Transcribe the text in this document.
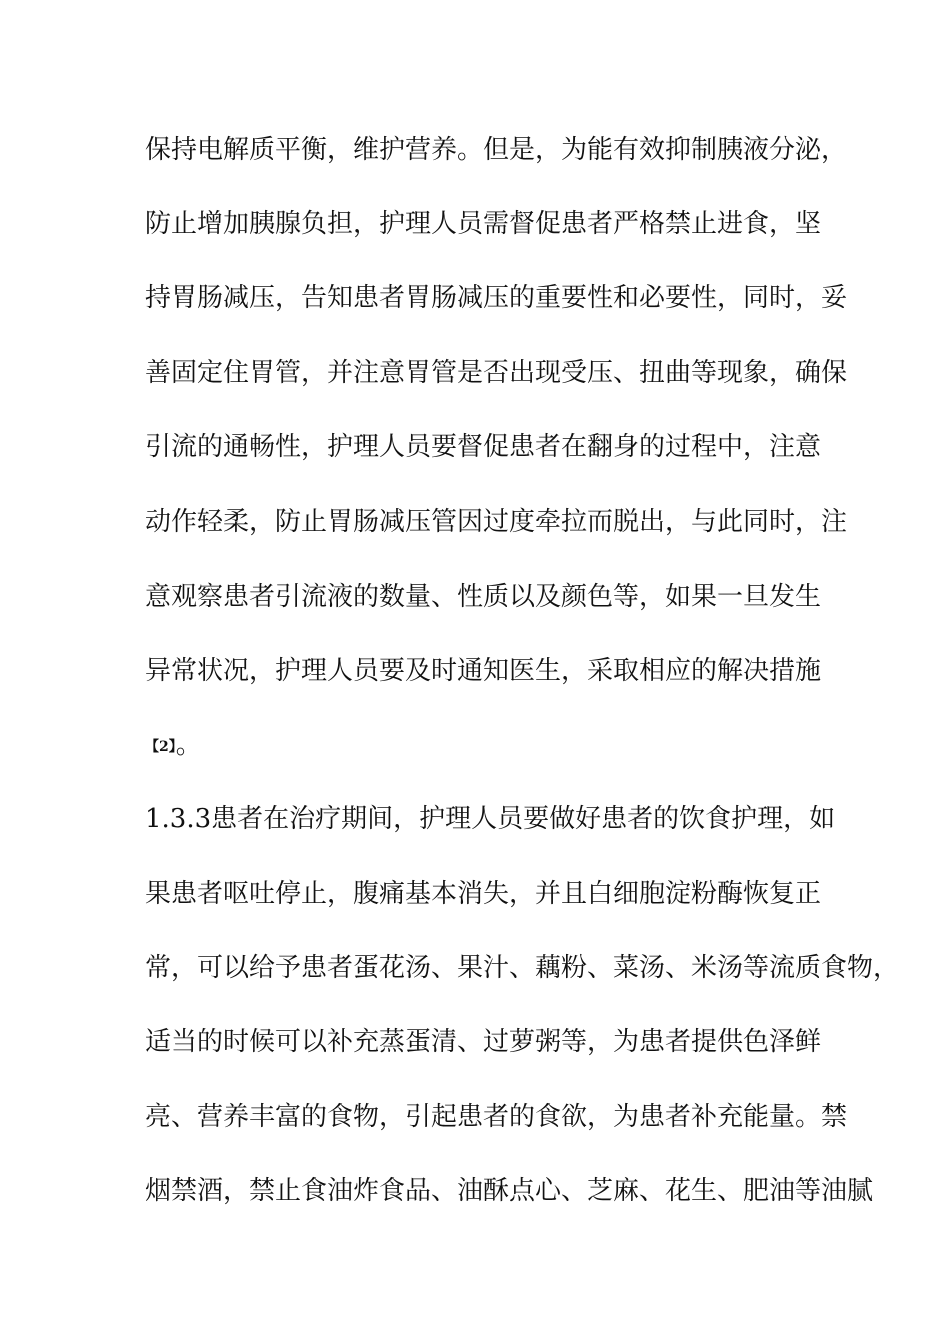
保持电解质平衡，维护营养。但是，为能有效抑制胰液分泌，
防止增加胰腺负担，护理人员需督促患者严格禁止进食，坚
持胃肠减压，告知患者胃肠减压的重要性和必要性，同时，妥
善固定住胃管，并注意胃管是否出现受压、扭曲等现象，确保
引流的通畅性，护理人员要督促患者在翻身的过程中，注意
动作轻柔，防止胃肠减压管因过度牵拉而脱出，与此同时，注
意观察患者引流液的数量、性质以及颜色等，如果一旦发生
异常状况，护理人员要及时通知医生，采取相应的解决措施
【2】。
1.3.3患者在治疗期间，护理人员要做好患者的饮食护理，如
果患者呕吐停止，腹痛基本消失，并且白细胞淀粉酶恢复正
常，可以给予患者蛋花汤、果汁、藕粉、菜汤、米汤等流质食物，
适当的时候可以补充蒸蛋清、过萝粥等，为患者提供色泽鲜
亮、营养丰富的食物，引起患者的食欲，为患者补充能量。禁
烟禁酒，禁止食油炸食品、油酥点心、芝麻、花生、肥油等油腻
